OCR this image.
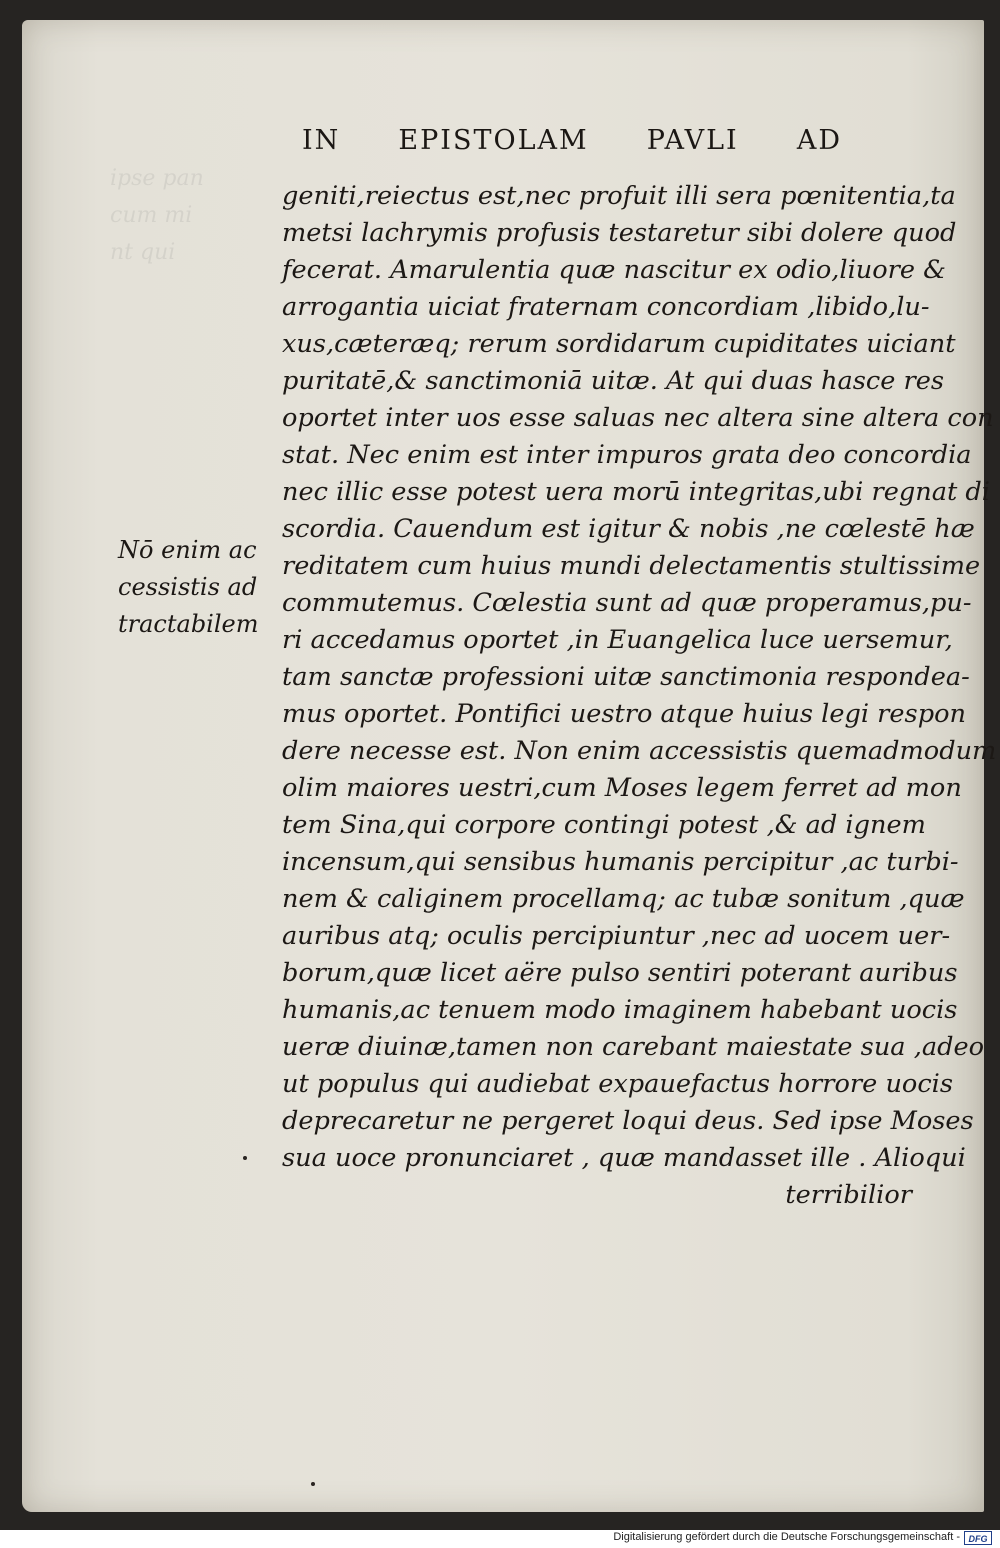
ipse pan
cum mi
nt qui
IN EPISTOLAM PAVLI AD
Nō enim ac
cessistis ad
tractabilem
geniti,reiectus est,nec profuit illi sera pœnitentia,ta
metsi lachrymis profusis testaretur sibi dolere quod
fecerat. Amarulentia quæ nascitur ex odio,liuore &
arrogantia uiciat fraternam concordiam ,libido,lu-
xus,cæteræq; rerum sordidarum cupiditates uiciant
puritatē,& sanctimoniā uitæ. At qui duas hasce res
oportet inter uos esse saluas nec altera sine altera con
stat. Nec enim est inter impuros grata deo concordia
nec illic esse potest uera morū integritas,ubi regnat di
scordia. Cauendum est igitur & nobis ,ne cœlestē hæ
reditatem cum huius mundi delectamentis stultissime
commutemus. Cœlestia sunt ad quæ properamus,pu-
ri accedamus oportet ,in Euangelica luce uersemur,
tam sanctæ professioni uitæ sanctimonia respondea-
mus oportet. Pontifici uestro atque huius legi respon
dere necesse est. Non enim accessistis quemadmodum
olim maiores uestri,cum Moses legem ferret ad mon
tem Sina,qui corpore contingi potest ,& ad ignem
incensum,qui sensibus humanis percipitur ,ac turbi-
nem & caliginem procellamq; ac tubæ sonitum ,quæ
auribus atq; oculis percipiuntur ,nec ad uocem uer-
borum,quæ licet aëre pulso sentiri poterant auribus
humanis,ac tenuem modo imaginem habebant uocis
ueræ diuinæ,tamen non carebant maiestate sua ,adeo
ut populus qui audiebat expauefactus horrore uocis
deprecaretur ne pergeret loqui deus. Sed ipse Moses
sua uoce pronunciaret , quæ mandasset ille . Alioqui
terribilior
Digitalisierung gefördert durch die Deutsche Forschungsgemeinschaft - DFG
